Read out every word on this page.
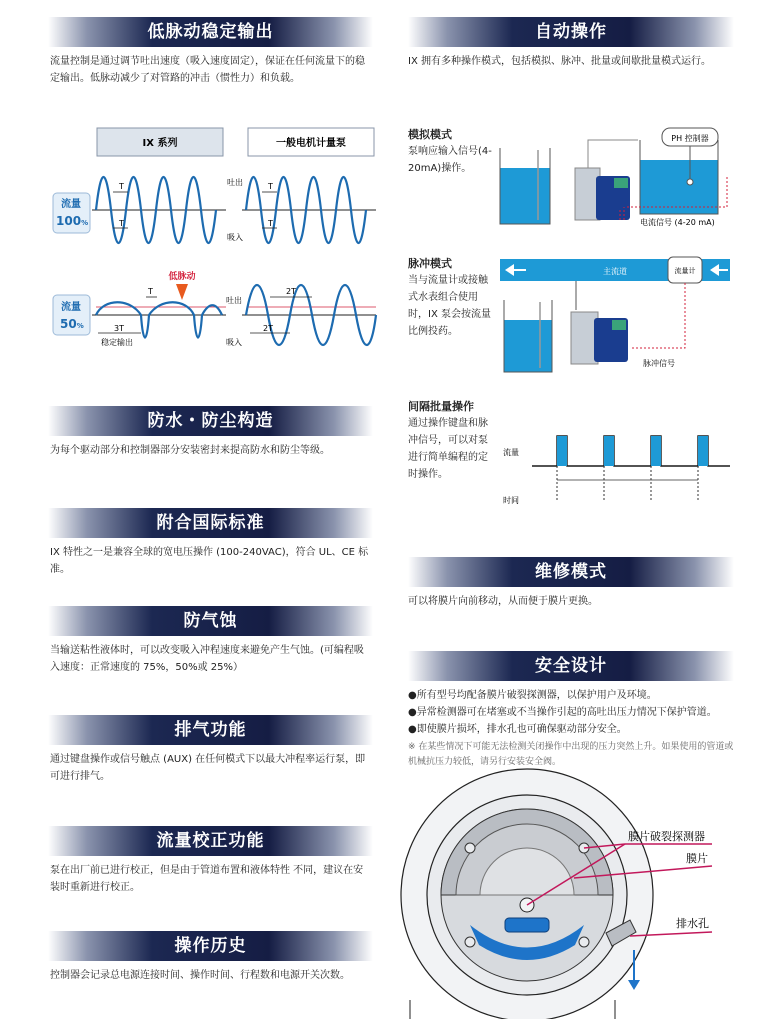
低脉动稳定输出
流量控制是通过调节吐出速度（吸入速度固定），保证在任何流量下的稳定输出。低脉动减少了对管路的冲击（惯性力）和负载。
IX 系列	一般电机计量泵
流量
100%
T
T
T
T
吐出
吸入
流量
50%
低脉动
T
3T
2T
2T
稳定输出
吐出
吸入
防水・防尘构造
为每个驱动部分和控制器部分安装密封来提高防水和防尘等级。
附合国际标准
IX 特性之一是兼容全球的宽电压操作 (100-240VAC)，符合 UL、CE 标准。
防气蚀
当输送粘性液体时，可以改变吸入冲程速度来避免产生气蚀。(可编程吸入速度：正常速度的 75%，50%或 25%）
排气功能
通过键盘操作或信号触点 (AUX) 在任何模式下以最大冲程率运行泵，即可进行排气。
流量校正功能
泵在出厂前已进行校正，但是由于管道布置和液体特性 不同，建议在安装时重新进行校正。
操作历史
控制器会记录总电源连接时间、操作时间、行程数和电源开关次数。
自动操作
IX 拥有多种操作模式，包括模拟、脉冲、批量或间歇批量模式运行。
模拟模式
泵响应输入信号(4-20mA)操作。
PH 控制器
电流信号 (4-20 mA)
脉冲模式
当与流量计或接触式水表组合使用时，IX 泵会按流量比例投药。
主流道	流量计
脉冲信号
间隔批量操作
通过操作键盘和脉冲信号，可以对泵进行简单编程的定时操作。
流量
时间
维修模式
可以将膜片向前移动，从而便于膜片更换。
安全设计
●所有型号均配备膜片破裂探测器，以保护用户及环境。
●异常检测器可在堵塞或不当操作引起的高吐出压力情况下保护管道。
●即使膜片损坏，排水孔也可确保驱动部分安全。
※ 在某些情况下可能无法检测关闭操作中出现的压力突然上升。如果使用的管道或机械抗压力较低，请另行安装安全阀。
膜片破裂探测器
膜片
排水孔
